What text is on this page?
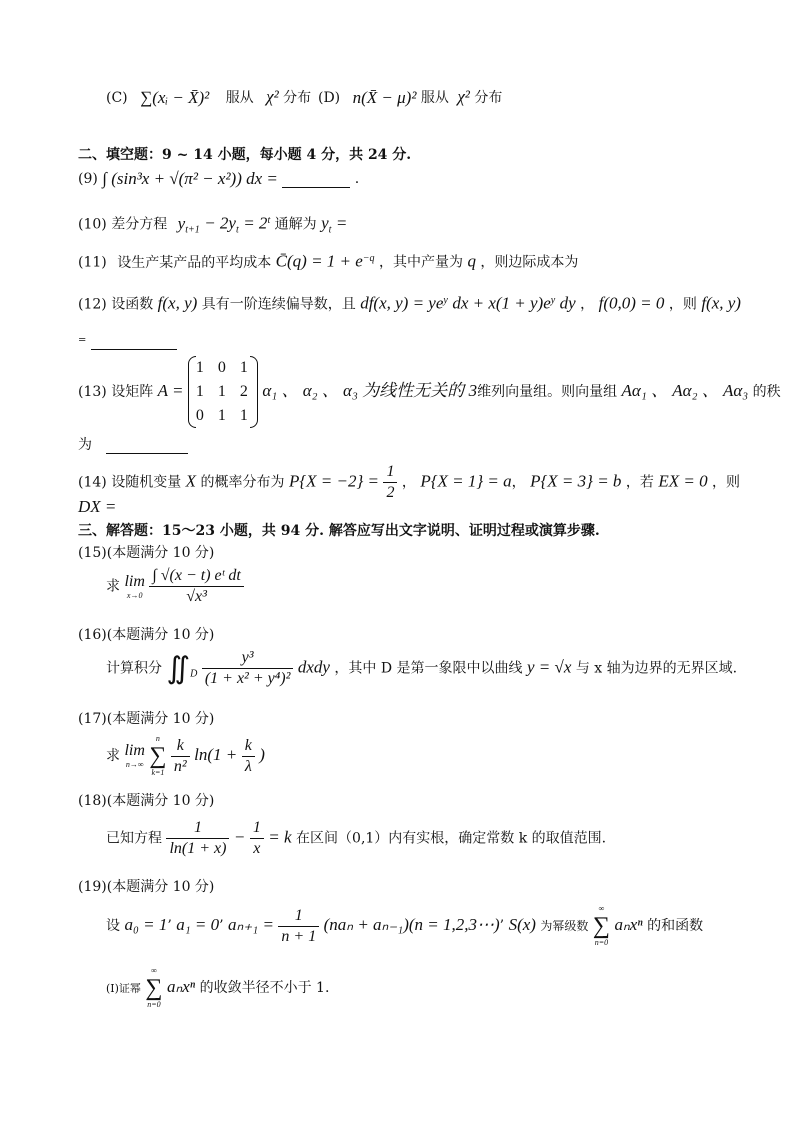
(C) ∑(xᵢ − X̄)² 服从 χ² 分布 (D) n(X̄ − μ)² 服从 χ² 分布
二、填空题：9 ~ 14 小题，每小题 4 分，共 24 分.
(9) ∫ (sin³x + √(π² − x²)) dx =	.
(10) 差分方程 $y_{t+1} - 2y_t = 2^t$ 通解为 $y_t$ =
(11) 设生产某产品的平均成本 C̄(q) = $1 + e^{-q}$ ，其中产量为 q ，则边际成本为
(12) 设函数 f(x, y) 具有一阶连续偏导数，且 df(x, $y) = ye^y$ dx + $x(1 + y)e^y$ dy ， f(0,0) = 0 ，则 f(x, y)
=
(13) 设矩阵 A =
1  0  1
1  1  2
0  1  1
α₁ 、 α₂ 、 α₃ 为线性无关的 3维列向量组。则向量组 Aα₁ 、 Aα₂ 、 Aα₃ 的秩
为
(14) 设随机变量 X 的概率分布为 $P\{X = -2\} = \frac{1}{2}$ ， P{X = 1} = a， P{X = 3} = b ，若 EX = 0 ，则
DX =
三、解答题：15～23 小题，共 94 分. 解答应写出文字说明、证明过程或演算步骤.
(15)(本题满分 10 分)
求 lim
x→0
$\frac{\text{∫ √(x − t) eᵗ dt}}{\text{√x³}}$
(16)(本题满分 10 分)
计算积分 $∬_D \frac{\text{y³}}{\text{(1 + x² + y⁴)²}}$ dxdy ，其中 D 是第一象限中以曲线 y = √x 与 x 轴为边界的无界区域.
(17)(本题满分 10 分)
求 lim
n→∞

n
∑
k=1
$\frac{k}{\text{n²}} \ln(1 + \frac{k}{\lambda}$ )
(18)(本题满分 10 分)
已知方程 $\frac{1}{\ln(1 + x)} - \frac{1}{x} = k$ 在区间（0,1）内有实根，确定常数 k 的取值范围.
(19)(本题满分 10 分)
设 a₀ = 1’ a₁ = 0’ $a_{n+1} = \frac{1}{n + 1} (na_n + a_{n-1})(n$ = 1,2,3⋯)’ S(x) 为幂级数
∞
∑
n=0
aₙxⁿ 的和函数
(I)证幂
∞
∑
n=0
aₙxⁿ 的收敛半径不小于 1.
